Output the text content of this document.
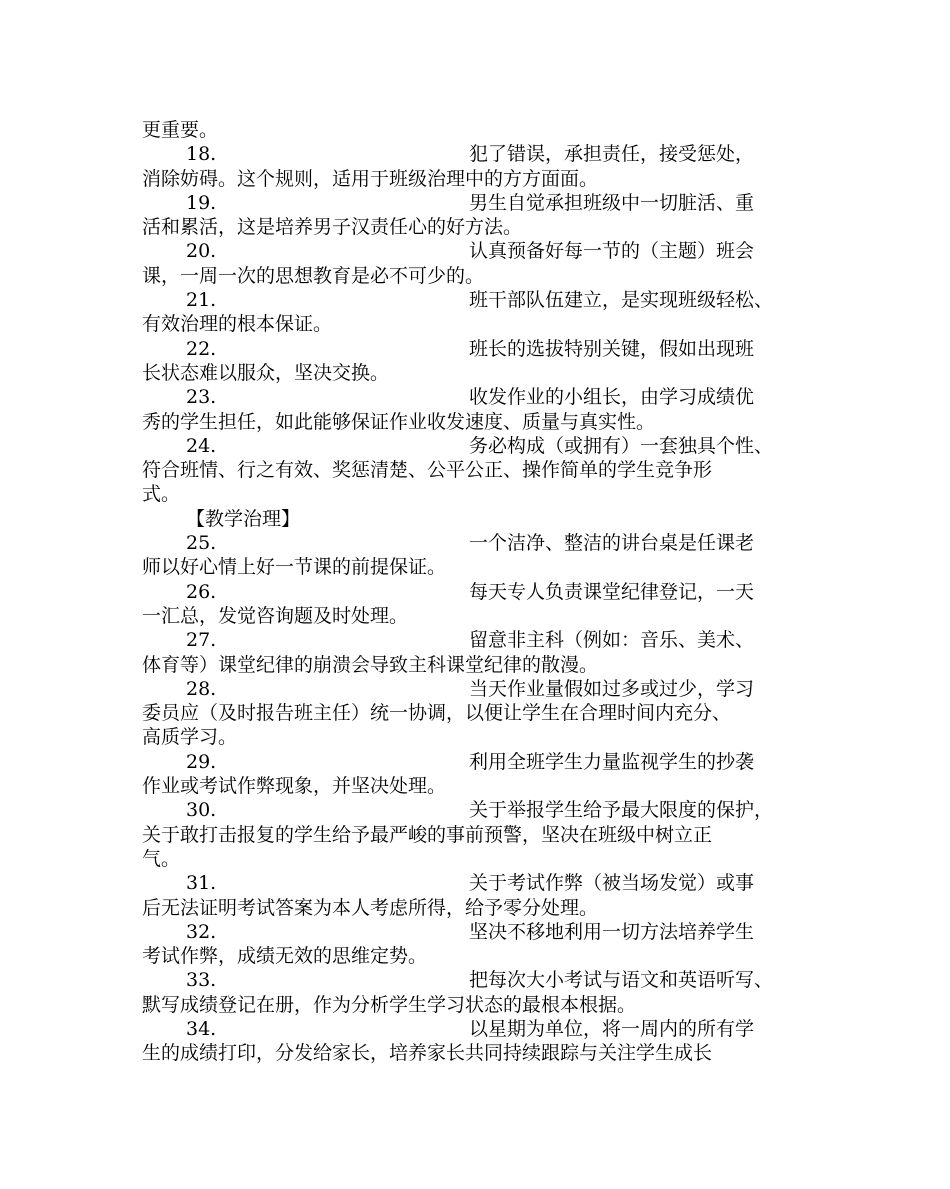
更重要。
18.	犯了错误，承担责任，接受惩处，
消除妨碍。这个规则，适用于班级治理中的方方面面。
19.	男生自觉承担班级中一切脏活、重
活和累活，这是培养男子汉责任心的好方法。
20.	认真预备好每一节的（主题）班会
课，一周一次的思想教育是必不可少的。
21.	班干部队伍建立，是实现班级轻松、
有效治理的根本保证。
22.	班长的选拔特别关键，假如出现班
长状态难以服众，坚决交换。
23.	收发作业的小组长，由学习成绩优
秀的学生担任，如此能够保证作业收发速度、质量与真实性。
24.	务必构成（或拥有）一套独具个性、
符合班情、行之有效、奖惩清楚、公平公正、操作简单的学生竞争形
式。
【教学治理】
25.	一个洁净、整洁的讲台桌是任课老
师以好心情上好一节课的前提保证。
26.	每天专人负责课堂纪律登记，一天
一汇总，发觉咨询题及时处理。
27.	留意非主科（例如：音乐、美术、
体育等）课堂纪律的崩溃会导致主科课堂纪律的散漫。
28.	当天作业量假如过多或过少，学习
委员应（及时报告班主任）统一协调，以便让学生在合理时间内充分、
高质学习。
29.	利用全班学生力量监视学生的抄袭
作业或考试作弊现象，并坚决处理。
30.	关于举报学生给予最大限度的保护，
关于敢打击报复的学生给予最严峻的事前预警，坚决在班级中树立正
气。
31.	关于考试作弊（被当场发觉）或事
后无法证明考试答案为本人考虑所得，给予零分处理。
32.	坚决不移地利用一切方法培养学生
考试作弊，成绩无效的思维定势。
33.	把每次大小考试与语文和英语听写、
默写成绩登记在册，作为分析学生学习状态的最根本根据。
34.	以星期为单位，将一周内的所有学
生的成绩打印，分发给家长，培养家长共同持续跟踪与关注学生成长
